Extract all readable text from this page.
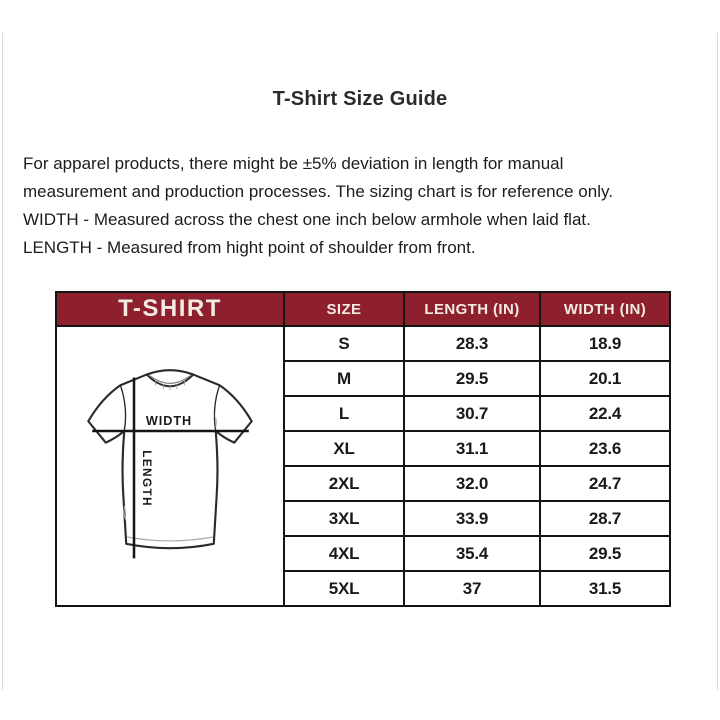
T-Shirt Size Guide

For apparel products, there might be ±5% deviation in length for manual measurement and production processes. The sizing chart is for reference only.

WIDTH - Measured across the chest one inch below armhole when laid flat.

LENGTH - Measured from hight point of shoulder from front.

T-SHIRT	SIZE	LENGTH (IN)	WIDTH (IN)
WIDTH
LENGTH
S	28.3	18.9
M	29.5	20.1
L	30.7	22.4
XL	31.1	23.6
2XL	32.0	24.7
3XL	33.9	28.7
4XL	35.4	29.5
5XL	37	31.5
